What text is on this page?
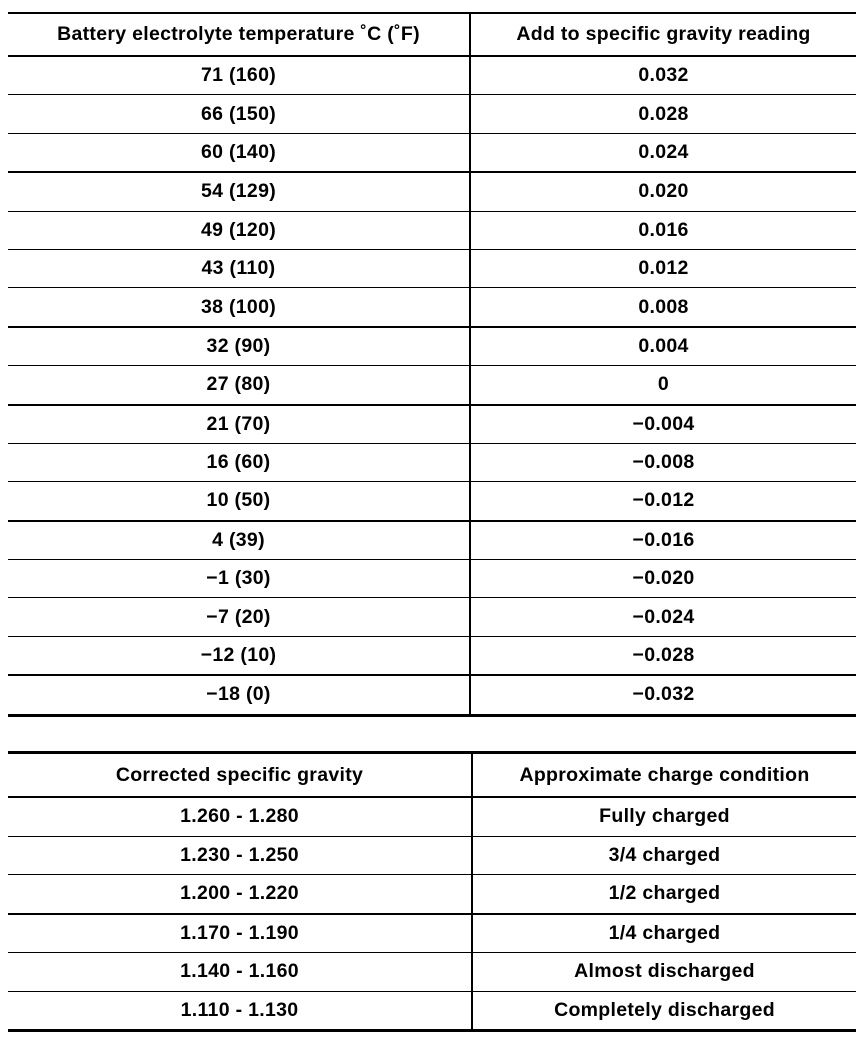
Battery electrolyte temperature ˚C (˚F)	Add to specific gravity reading
71 (160)	0.032
66 (150)	0.028
60 (140)	0.024
54 (129)	0.020
49 (120)	0.016
43 (110)	0.012
38 (100)	0.008
32 (90)	0.004
27 (80)	0
21 (70)	−0.004
16 (60)	−0.008
10 (50)	−0.012
4 (39)	−0.016
−1 (30)	−0.020
−7 (20)	−0.024
−12 (10)	−0.028
−18 (0)	−0.032
Corrected specific gravity	Approximate charge condition
1.260 - 1.280	Fully charged
1.230 - 1.250	3/4 charged
1.200 - 1.220	1/2 charged
1.170 - 1.190	1/4 charged
1.140 - 1.160	Almost discharged
1.110 - 1.130	Completely discharged
